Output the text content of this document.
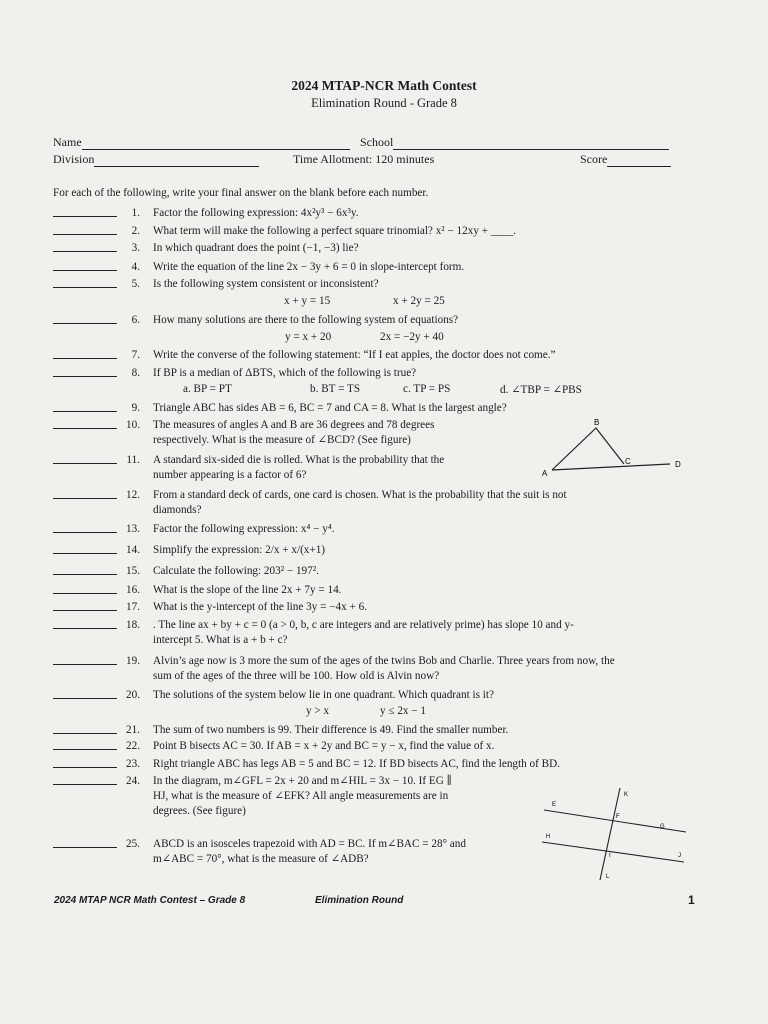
2024 MTAP-NCR Math Contest
Elimination Round - Grade 8
Name	School
Division	Time Allotment: 120 minutes	Score
For each of the following, write your final answer on the blank before each number.
1. Factor the following expression: 4x²y³ − 6x³y.
2. What term will make the following a perfect square trinomial? x² − 12xy + ____.
3. In which quadrant does the point (−1, −3) lie?
4. Write the equation of the line 2x − 3y + 6 = 0 in slope-intercept form.
5. Is the following system consistent or inconsistent?
x + y = 15	x + 2y = 25
6. How many solutions are there to the following system of equations?
y = x + 20	2x = −2y + 40
7. Write the converse of the following statement: “If I eat apples, the doctor does not come.”
8. If BP is a median of ΔBTS, which of the following is true?
a. BP = PT	b. BT = TS	c. TP = PS	d. ∠TBP = ∠PBS
9. Triangle ABC has sides AB = 6, BC = 7 and CA = 8. What is the largest angle?
10. The measures of angles A and B are 36 degrees and 78 degrees
respectively. What is the measure of ∠BCD? (See figure)
11. A standard six-sided die is rolled. What is the probability that the
number appearing is a factor of 6?
12. From a standard deck of cards, one card is chosen. What is the probability that the suit is not
diamonds?
13. Factor the following expression: x⁴ − y⁴.
14. Simplify the expression: 2/x + x/(x+1)
15. Calculate the following: 203² − 197².
16. What is the slope of the line 2x + 7y = 14.
17. What is the y-intercept of the line 3y = −4x + 6.
18. . The line ax + by + c = 0 (a > 0, b, c are integers and are relatively prime) has slope 10 and y-
intercept 5. What is a + b + c?
19. Alvin’s age now is 3 more the sum of the ages of the twins Bob and Charlie. Three years from now, the
sum of the ages of the three will be 100. How old is Alvin now?
20. The solutions of the system below lie in one quadrant. Which quadrant is it?
y > x	y ≤ 2x − 1
21. The sum of two numbers is 99. Their difference is 49. Find the smaller number.
22. Point B bisects AC = 30. If AB = x + 2y and BC = y − x, find the value of x.
23. Right triangle ABC has legs AB = 5 and BC = 12. If BD bisects AC, find the length of BD.
24. In the diagram, m∠GFL = 2x + 20 and m∠HIL = 3x − 10. If EG ∥
HJ, what is the measure of ∠EFK? All angle measurements are in
degrees. (See figure)
25. ABCD is an isosceles trapezoid with AD = BC. If m∠BAC = 28° and
m∠ABC = 70°, what is the measure of ∠ADB?
A
B
C	D
E
F
G
H
I	J
K
L
2024 MTAP NCR Math Contest – Grade 8	Elimination Round	1
